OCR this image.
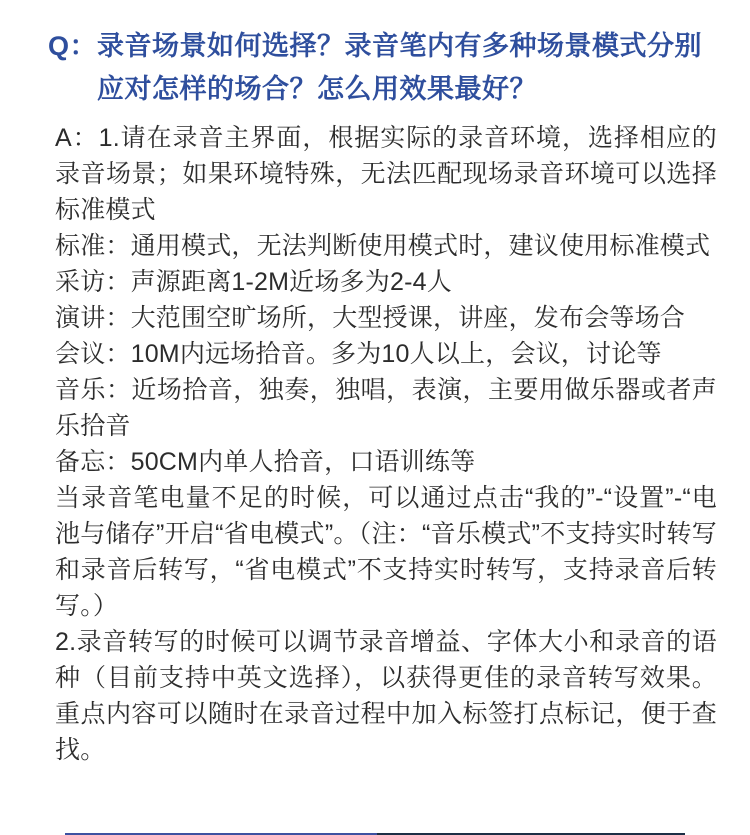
Q： 录音场景如何选择？录音笔内有多种场景模式分别应对怎样的场合？怎么用效果最好？

A：1.请在录音主界面，根据实际的录音环境，选择相应的录音场景；如果环境特殊，无法匹配现场录音环境可以选择标准模式

标准：通用模式，无法判断使用模式时，建议使用标准模式

采访：声源距离1-2M近场多为2-4人

演讲：大范围空旷场所，大型授课，讲座，发布会等场合

会议：10M内远场拾音。多为10人以上，会议，讨论等

音乐：近场拾音，独奏，独唱，表演，主要用做乐器或者声乐拾音

备忘：50CM内单人拾音，口语训练等

当录音笔电量不足的时候，可以通过点击“我的”-“设置”-“电池与储存”开启“省电模式”。（注：“音乐模式”不支持实时转写和录音后转写，“省电模式”不支持实时转写，支持录音后转写。）

2.录音转写的时候可以调节录音增益、字体大小和录音的语种（目前支持中英文选择），以获得更佳的录音转写效果。重点内容可以随时在录音过程中加入标签打点标记，便于查找。
